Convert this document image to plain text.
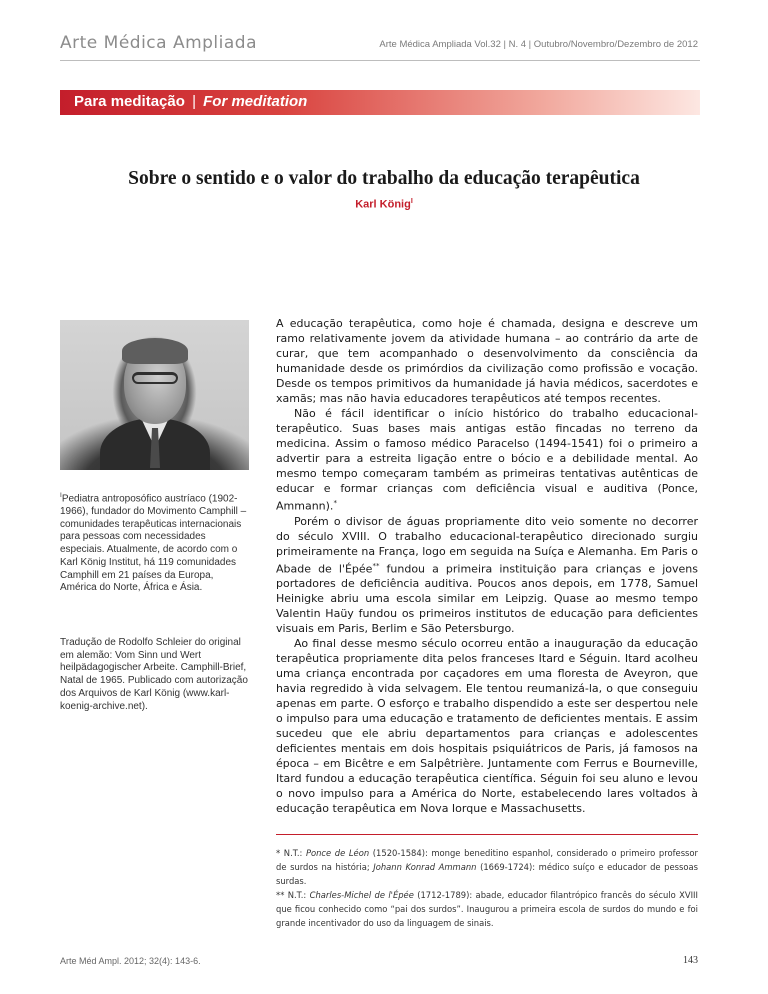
Arte Médica Ampliada	Arte Médica Ampliada Vol.32 | N. 4 | Outubro/Novembro/Dezembro de 2012
Para meditação | For meditation
Sobre o sentido e o valor do trabalho da educação terapêutica
Karl König$^I$
$^I$Pediatra antroposófico austríaco (1902-1966), fundador do Movimento Camphill – comunidades terapêuticas internacionais para pessoas com necessidades especiais. Atualmente, de acordo com o Karl König Institut, há 119 comunidades Camphill em 21 países da Europa, América do Norte, África e Ásia.
Tradução de Rodolfo Schleier do original em alemão: Vom Sinn und Wert heilpädagogischer Arbeite. Camphill-Brief, Natal de 1965. Publicado com autorização dos Arquivos de Karl König (www.karl-koenig-archive.net).

A educação terapêutica, como hoje é chamada, designa e descreve um ramo relativamente jovem da atividade humana – ao contrário da arte de curar, que tem acompanhado o desenvolvimento da consciência da humanidade desde os primórdios da civilização como profissão e vocação. Desde os tempos primitivos da humanidade já havia médicos, sacerdotes e xamãs; mas não havia educadores terapêuticos até tempos recentes.

Não é fácil identificar o início histórico do trabalho educacional-terapêutico. Suas bases mais antigas estão fincadas no terreno da medicina. Assim o famoso médico Paracelso (1494-1541) foi o primeiro a advertir para a estreita ligação entre o bócio e a debilidade mental. Ao mesmo tempo começaram também as primeiras tentativas autênticas de educar e formar crianças com deficiência visual e auditiva (Ponce, Ammann).*

Porém o divisor de águas propriamente dito veio somente no decorrer do século XVIII. O trabalho educacional-terapêutico direcionado surgiu primeiramente na França, logo em seguida na Suíça e Alemanha. Em Paris o Abade de l'Épée** fundou a primeira instituição para crianças e jovens portadores de deficiência auditiva. Poucos anos depois, em 1778, Samuel Heinigke abriu uma escola similar em Leipzig. Quase ao mesmo tempo Valentin Haüy fundou os primeiros institutos de educação para deficientes visuais em Paris, Berlim e São Petersburgo.

Ao final desse mesmo século ocorreu então a inauguração da educação terapêutica propriamente dita pelos franceses Itard e Séguin. Itard acolheu uma criança encontrada por caçadores em uma floresta de Aveyron, que havia regredido à vida selvagem. Ele tentou reumanizá-la, o que conseguiu apenas em parte. O esforço e trabalho dispendido a este ser despertou nele o impulso para uma educação e tratamento de deficientes mentais. E assim sucedeu que ele abriu departamentos para crianças e adolescentes deficientes mentais em dois hospitais psiquiátricos de Paris, já famosos na época – em Bicêtre e em Salpêtrière. Juntamente com Ferrus e Bourneville, Itard fundou a educação terapêutica científica. Séguin foi seu aluno e levou o novo impulso para a América do Norte, estabelecendo lares voltados à educação terapêutica em Nova Iorque e Massachusetts.

* N.T.: Ponce de Léon (1520-1584): monge beneditino espanhol, considerado o primeiro professor de surdos na história; Johann Konrad Ammann (1669-1724): médico suíço e educador de pessoas surdas.

** N.T.: Charles-Michel de l'Épée (1712-1789): abade, educador filantrópico francês do século XVIII que ficou conhecido como “pai dos surdos”. Inaugurou a primeira escola de surdos do mundo e foi grande incentivador do uso da linguagem de sinais.

Arte Méd Ampl. 2012; 32(4): 143-6.	143
